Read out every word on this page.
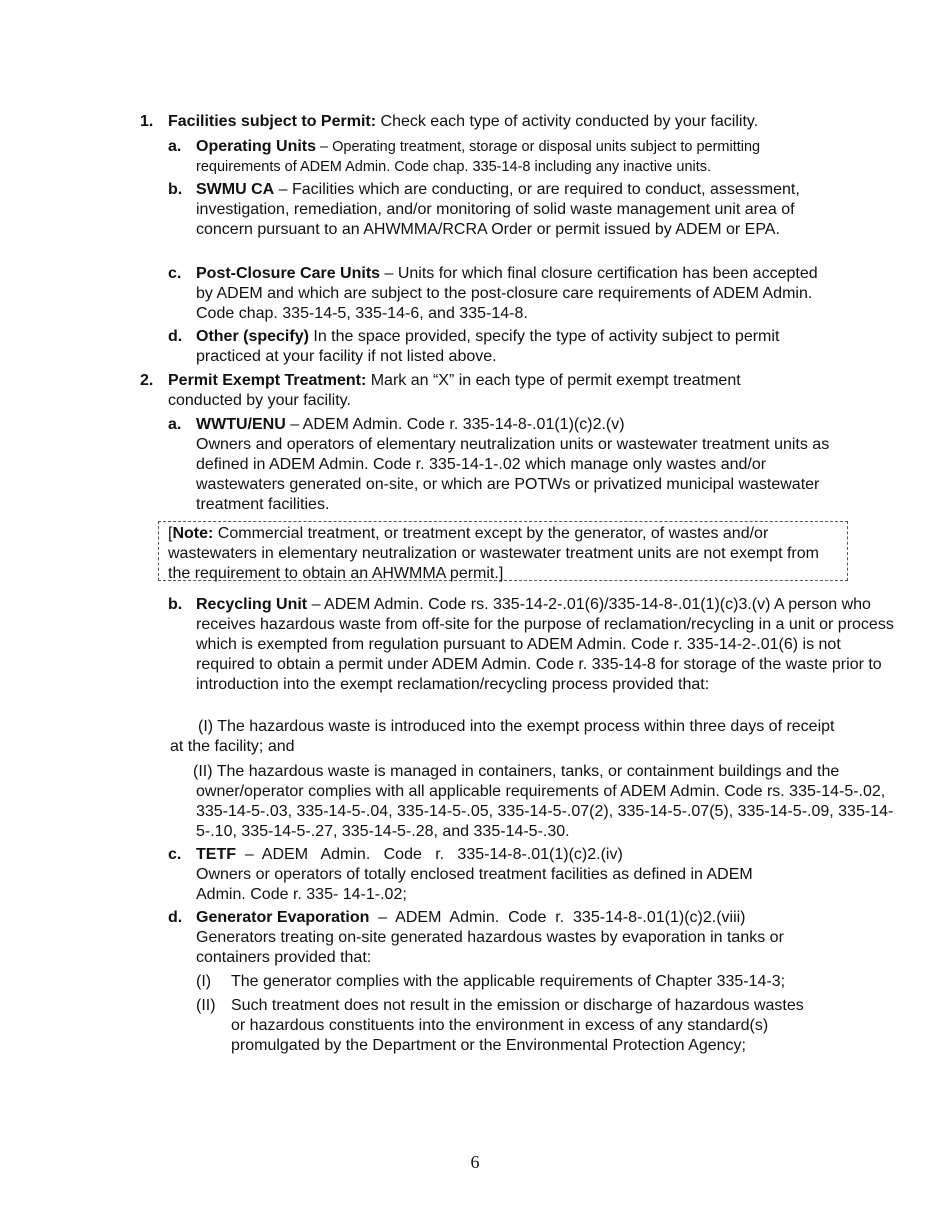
1. Facilities subject to Permit: Check each type of activity conducted by your facility.

a. Operating Units – Operating treatment, storage or disposal units subject to permitting requirements of ADEM Admin. Code chap. 335-14-8 including any inactive units.

b. SWMU CA – Facilities which are conducting, or are required to conduct, assessment, investigation, remediation, and/or monitoring of solid waste management unit area of concern pursuant to an AHWMMA/RCRA Order or permit issued by ADEM or EPA.

c. Post-Closure Care Units – Units for which final closure certification has been accepted by ADEM and which are subject to the post-closure care requirements of ADEM Admin. Code chap. 335-14-5, 335-14-6, and 335-14-8.

d. Other (specify) In the space provided, specify the type of activity subject to permit practiced at your facility if not listed above.

2. Permit Exempt Treatment: Mark an “X” in each type of permit exempt treatment conducted by your facility.

a. WWTU/ENU – ADEM Admin. Code r. 335-14-8-.01(1)(c)2.(v)
Owners and operators of elementary neutralization units or wastewater treatment units as defined in ADEM Admin. Code r. 335-14-1-.02 which manage only wastes and/or wastewaters generated on-site, or which are POTWs or privatized municipal wastewater treatment facilities.

[Note: Commercial treatment, or treatment except by the generator, of wastes and/or wastewaters in elementary neutralization or wastewater treatment units are not exempt from the requirement to obtain an AHWMMA permit.]

b. Recycling Unit – ADEM Admin. Code rs. 335-14-2-.01(6)/335-14-8-.01(1)(c)3.(v) A person who receives hazardous waste from off-site for the purpose of reclamation/recycling in a unit or process which is exempted from regulation pursuant to ADEM Admin. Code r. 335-14-2-.01(6) is not required to obtain a permit under ADEM Admin. Code r. 335-14-8 for storage of the waste prior to introduction into the exempt reclamation/recycling process provided that:

(I) The hazardous waste is introduced into the exempt process within three days of receipt at the facility; and

(II) The hazardous waste is managed in containers, tanks, or containment buildings and the owner/operator complies with all applicable requirements of ADEM Admin. Code rs. 335-14-5-.02, 335-14-5-.03, 335-14-5-.04, 335-14-5-.05, 335-14-5-.07(2), 335-14-5-.07(5), 335-14-5-.09, 335-14-5-.10, 335-14-5-.27, 335-14-5-.28, and 335-14-5-.30.

c. TETF  –  ADEM   Admin.   Code   r.   335-14-8-.01(1)(c)2.(iv)
Owners or operators of totally enclosed treatment facilities as defined in ADEM Admin. Code r. 335- 14-1-.02;

d. Generator Evaporation  –  ADEM  Admin.  Code  r.  335-14-8-.01(1)(c)2.(viii)
Generators treating on-site generated hazardous wastes by evaporation in tanks or containers provided that:

(I) The generator complies with the applicable requirements of Chapter 335-14-3;

(II) Such treatment does not result in the emission or discharge of hazardous wastes or hazardous constituents into the environment in excess of any standard(s) promulgated by the Department or the Environmental Protection Agency;

6
